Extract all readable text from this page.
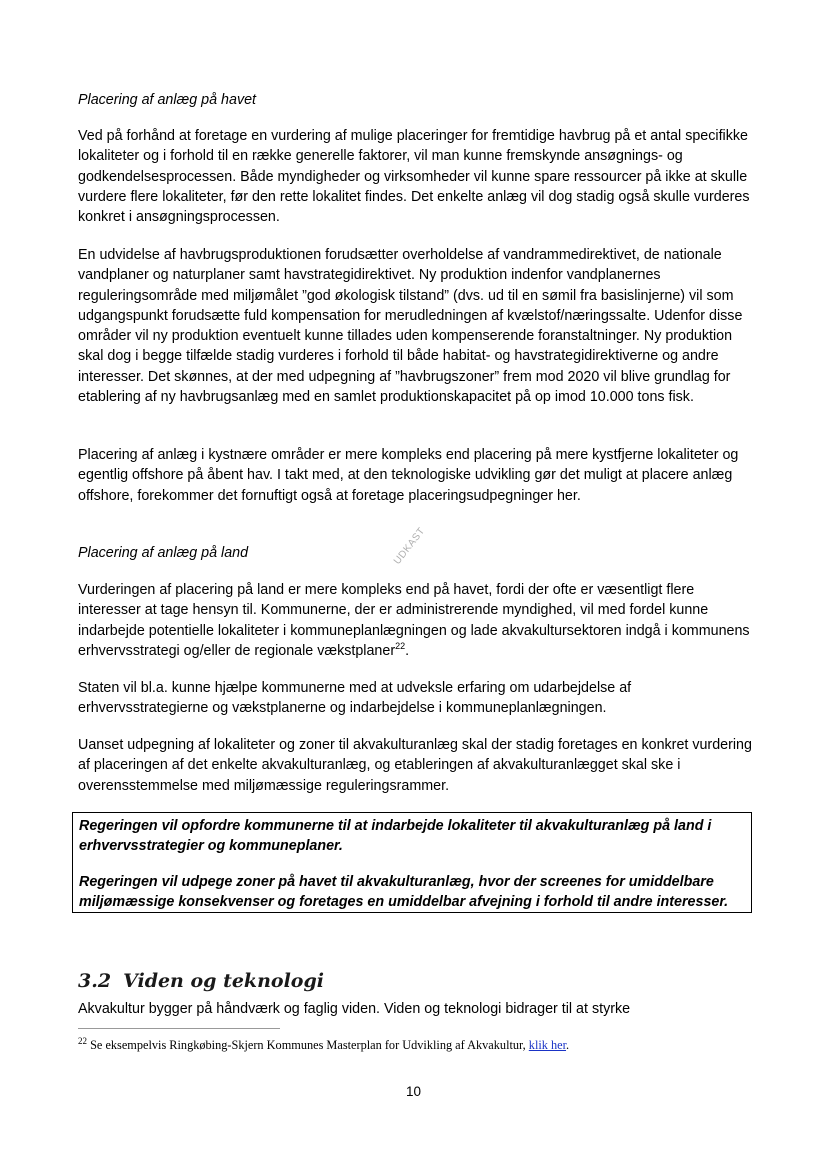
UDKAST

Placering af anlæg på havet

Ved på forhånd at foretage en vurdering af mulige placeringer for fremtidige havbrug på et antal specifikke lokaliteter og i forhold til en række generelle faktorer, vil man kunne fremskynde ansøgnings- og godkendelsesprocessen. Både myndigheder og virksomheder vil kunne spare ressourcer på ikke at skulle vurdere flere lokaliteter, før den rette lokalitet findes. Det enkelte anlæg vil dog stadig også skulle vurderes konkret i ansøgningsprocessen.

En udvidelse af havbrugsproduktionen forudsætter overholdelse af vandrammedirektivet, de nationale vandplaner og naturplaner samt havstrategidirektivet. Ny produktion indenfor vandplanernes reguleringsområde med miljømålet ”god økologisk tilstand” (dvs. ud til en sømil fra basislinjerne) vil som udgangspunkt forudsætte fuld kompensation for merudledningen af kvælstof/næringssalte. Udenfor disse områder vil ny produktion eventuelt kunne tillades uden kompenserende foranstaltninger. Ny produktion skal dog i begge tilfælde stadig vurderes i forhold til både habitat- og havstrategidirektiverne og andre interesser. Det skønnes, at der med udpegning af ”havbrugszoner” frem mod 2020 vil blive grundlag for etablering af ny havbrugsanlæg med en samlet produktionskapacitet på op imod 10.000 tons fisk.

Placering af anlæg i kystnære områder er mere kompleks end placering på mere kystfjerne lokaliteter og egentlig offshore på åbent hav. I takt med, at den teknologiske udvikling gør det muligt at placere anlæg offshore, forekommer det fornuftigt også at foretage placeringsudpegninger her.

Placering af anlæg på land

Vurderingen af placering på land er mere kompleks end på havet, fordi der ofte er væsentligt flere interesser at tage hensyn til. Kommunerne, der er administrerende myndighed, vil med fordel kunne indarbejde potentielle lokaliteter i kommuneplanlægningen og lade akvakultursektoren indgå i kommunens erhvervsstrategi og/eller de regionale vækstplaner$^{22}$.

Staten vil bl.a. kunne hjælpe kommunerne med at udveksle erfaring om udarbejdelse af erhvervsstrategierne og vækstplanerne og indarbejdelse i kommuneplanlægningen.

Uanset udpegning af lokaliteter og zoner til akvakulturanlæg skal der stadig foretages en konkret vurdering af placeringen af det enkelte akvakulturanlæg, og etableringen af akvakulturanlægget skal ske i overensstemmelse med miljømæssige reguleringsrammer.

Regeringen vil opfordre kommunerne til at indarbejde lokaliteter til akvakulturanlæg på land i erhvervsstrategier og kommuneplaner.

Regeringen vil udpege zoner på havet til akvakulturanlæg, hvor der screenes for umiddelbare miljømæssige konsekvenser og foretages en umiddelbar afvejning i forhold til andre interesser.

3.2 Viden og teknologi

Akvakultur bygger på håndværk og faglig viden. Viden og teknologi bidrager til at styrke

$^{22}$ Se eksempelvis Ringkøbing-Skjern Kommunes Masterplan for Udvikling af Akvakultur, klik her.

10
